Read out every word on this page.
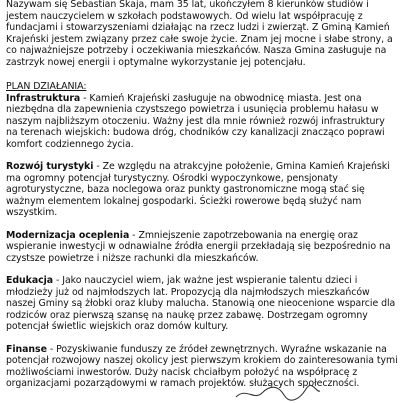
Nazywam się Sebastian Skaja, mam 35 lat, ukończyłem 8 kierunków studiów i jestem nauczycielem w szkołach podstawowych. Od wielu lat współpracuję z fundacjami i stowarzyszeniami działając na rzecz ludzi i zwierząt. Z Gminą Kamień Krajeński jestem związany przez całe swoje życie. Znam jej mocne i słabe strony, a co najważniejsze potrzeby i oczekiwania mieszkańców. Nasza Gmina zasługuje na zastrzyk nowej energii i optymalne wykorzystanie jej potencjału.

PLAN DZIAŁANIA:

Infrastruktura - Kamień Krajeński zasługuje na obwodnicę miasta. Jest ona niezbędna dla zapewnienia czystszego powietrza i usunięcia problemu hałasu w naszym najbliższym otoczeniu. Ważny jest dla mnie również rozwój infrastruktury na terenach wiejskich: budowa dróg, chodników czy kanalizacji znacząco poprawi komfort codziennego życia.

Rozwój turystyki - Ze względu na atrakcyjne położenie, Gmina Kamień Krajeński ma ogromny potencjał turystyczny. Ośrodki wypoczynkowe, pensjonaty agroturystyczne, baza noclegowa oraz punkty gastronomiczne mogą stać się ważnym elementem lokalnej gospodarki. Ścieżki rowerowe będą służyć nam wszystkim.

Modernizacja oceplenia - Zmniejszenie zapotrzebowania na energię oraz wspieranie inwestycji w odnawialne źródła energii przekładają się bezpośrednio na czystsze powietrze i niższe rachunki dla mieszkańców.

Edukacja - Jako nauczyciel wiem, jak ważne jest wspieranie talentu dzieci i młodzieży już od najmłodszych lat. Propozycją dla najmłodszych mieszkańców naszej Gminy są żłobki oraz kluby malucha. Stanowią one nieocenione wsparcie dla rodziców oraz pierwszą szansę na naukę przez zabawę. Dostrzegam ogromny potencjał świetlic wiejskich oraz domów kultury.

Finanse - Pozyskiwanie funduszy ze źródeł zewnętrznych. Wyraźne wskazanie na potencjał rozwojowy naszej okolicy jest pierwszym krokiem do zainteresowania tymi możliwościami inwestorów. Duży nacisk chciałbym położyć na współpracę z organizacjami pozarządowymi w ramach projektów. służących społeczności.
